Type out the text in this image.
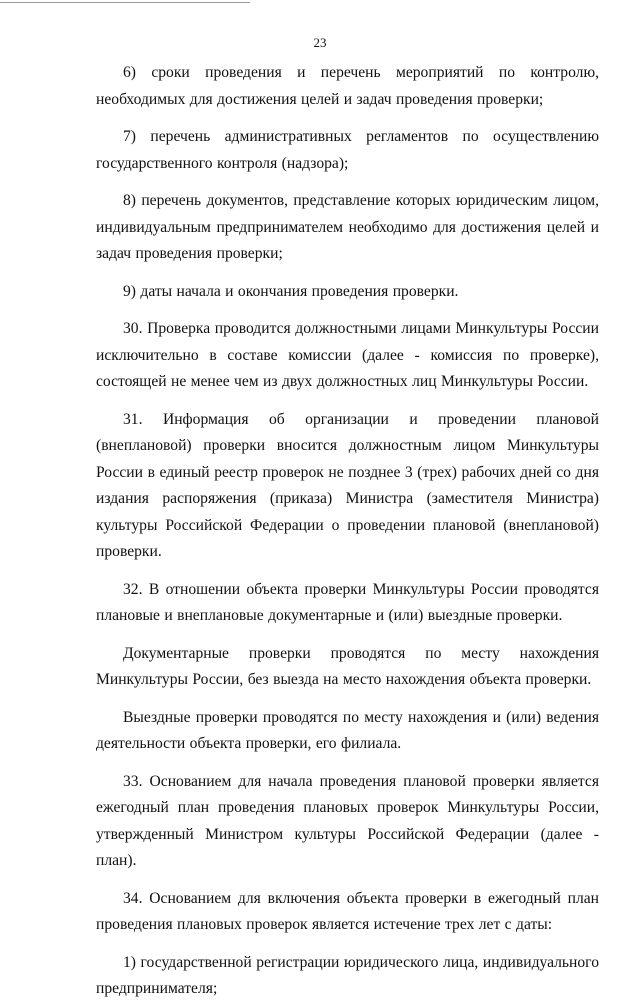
23

6) сроки проведения и перечень мероприятий по контролю, необходимых для достижения целей и задач проведения проверки;

7) перечень административных регламентов по осуществлению государственного контроля (надзора);

8) перечень документов, представление которых юридическим лицом, индивидуальным предпринимателем необходимо для достижения целей и задач проведения проверки;

9) даты начала и окончания проведения проверки.

30. Проверка проводится должностными лицами Минкультуры России исключительно в составе комиссии (далее - комиссия по проверке), состоящей не менее чем из двух должностных лиц Минкультуры России.

31. Информация об организации и проведении плановой (внеплановой) проверки вносится должностным лицом Минкультуры России в единый реестр проверок не позднее 3 (трех) рабочих дней со дня издания распоряжения (приказа) Министра (заместителя Министра) культуры Российской Федерации о проведении плановой (внеплановой) проверки.

32. В отношении объекта проверки Минкультуры России проводятся плановые и внеплановые документарные и (или) выездные проверки.

Документарные проверки проводятся по месту нахождения Минкультуры России, без выезда на место нахождения объекта проверки.

Выездные проверки проводятся по месту нахождения и (или) ведения деятельности объекта проверки, его филиала.

33. Основанием для начала проведения плановой проверки является ежегодный план проведения плановых проверок Минкультуры России, утвержденный Министром культуры Российской Федерации (далее - план).

34. Основанием для включения объекта проверки в ежегодный план проведения плановых проверок является истечение трех лет с даты:

1) государственной регистрации юридического лица, индивидуального предпринимателя;
